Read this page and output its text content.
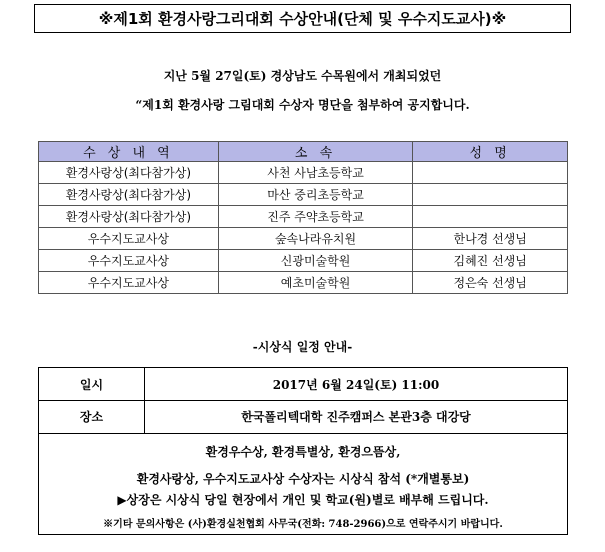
※제1회 환경사랑그리대회 수상안내(단체 및 우수지도교사)※
지난 5월 27일(토) 경상남도 수목원에서 개최되었던
“제1회 환경사랑 그림대회 수상자 명단을 첨부하여 공지합니다.
수 상 내 역	소 속	성 명
환경사랑상(최다참가상)	사천 사남초등학교	
환경사랑상(최다참가상)	마산 중리초등학교	
환경사랑상(최다참가상)	진주 주약초등학교	
우수지도교사상	숲속나라유치원	한나경 선생님
우수지도교사상	신광미술학원	김혜진 선생님
우수지도교사상	예초미술학원	정은숙 선생님
-시상식 일정 안내-
일시	2017년 6월 24일(토) 11:00
장소	한국폴리텍대학 진주캠퍼스 본관3층 대강당
환경우수상, 환경특별상, 환경으뜸상,
환경사랑상, 우수지도교사상 수상자는 시상식 참석 (*개별통보)
▶상장은 시상식 당일 현장에서 개인 및 학교(원)별로 배부해 드립니다.
※기타 문의사항은 (사)환경실천협회 사무국(전화: 748-2966)으로 연락주시기 바랍니다.
